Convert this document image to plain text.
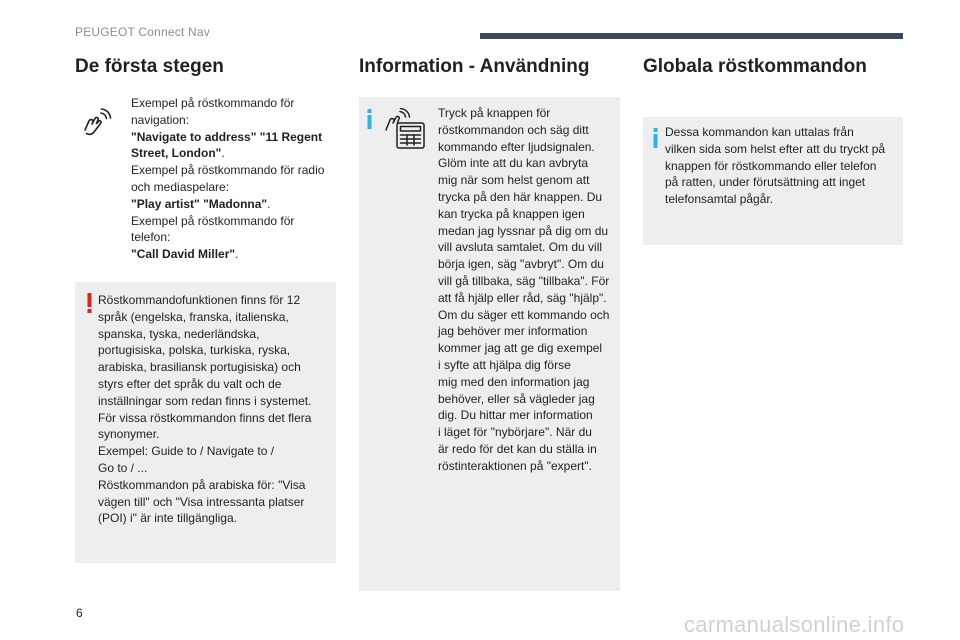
PEUGEOT Connect Nav
De första stegen
Exempel på röstkommando för
navigation:
"Navigate to address" "11 Regent
Street, London".
Exempel på röstkommando för radio
och mediaspelare:
"Play artist" "Madonna".
Exempel på röstkommando för
telefon:
"Call David Miller".
Röstkommandofunktionen finns för 12
språk (engelska, franska, italienska,
spanska, tyska, nederländska,
portugisiska, polska, turkiska, ryska,
arabiska, brasiliansk portugisiska) och
styrs efter det språk du valt och de
inställningar som redan finns i systemet.
För vissa röstkommandon finns det flera
synonymer.
Exempel: Guide to / Navigate to /
Go to / ...
Röstkommandon på arabiska för: "Visa
vägen till" och "Visa intressanta platser
(POI) i" är inte tillgängliga.
Information - Användning
Tryck på knappen för
röstkommandon och säg ditt
kommando efter ljudsignalen.
Glöm inte att du kan avbryta
mig när som helst genom att
trycka på den här knappen. Du
kan trycka på knappen igen
medan jag lyssnar på dig om du
vill avsluta samtalet. Om du vill
börja igen, säg "avbryt". Om du
vill gå tillbaka, säg "tillbaka". För
att få hjälp eller råd, säg "hjälp".
Om du säger ett kommando och
jag behöver mer information
kommer jag att ge dig exempel
i syfte att hjälpa dig förse
mig med den information jag
behöver, eller så vägleder jag
dig. Du hittar mer information
i läget för "nybörjare". När du
är redo för det kan du ställa in
röstinteraktionen på "expert".
Globala röstkommandon
Dessa kommandon kan uttalas från
vilken sida som helst efter att du tryckt på
knappen för röstkommando eller telefon
på ratten, under förutsättning att inget
telefonsamtal pågår.
6	carmanualsonline.info
